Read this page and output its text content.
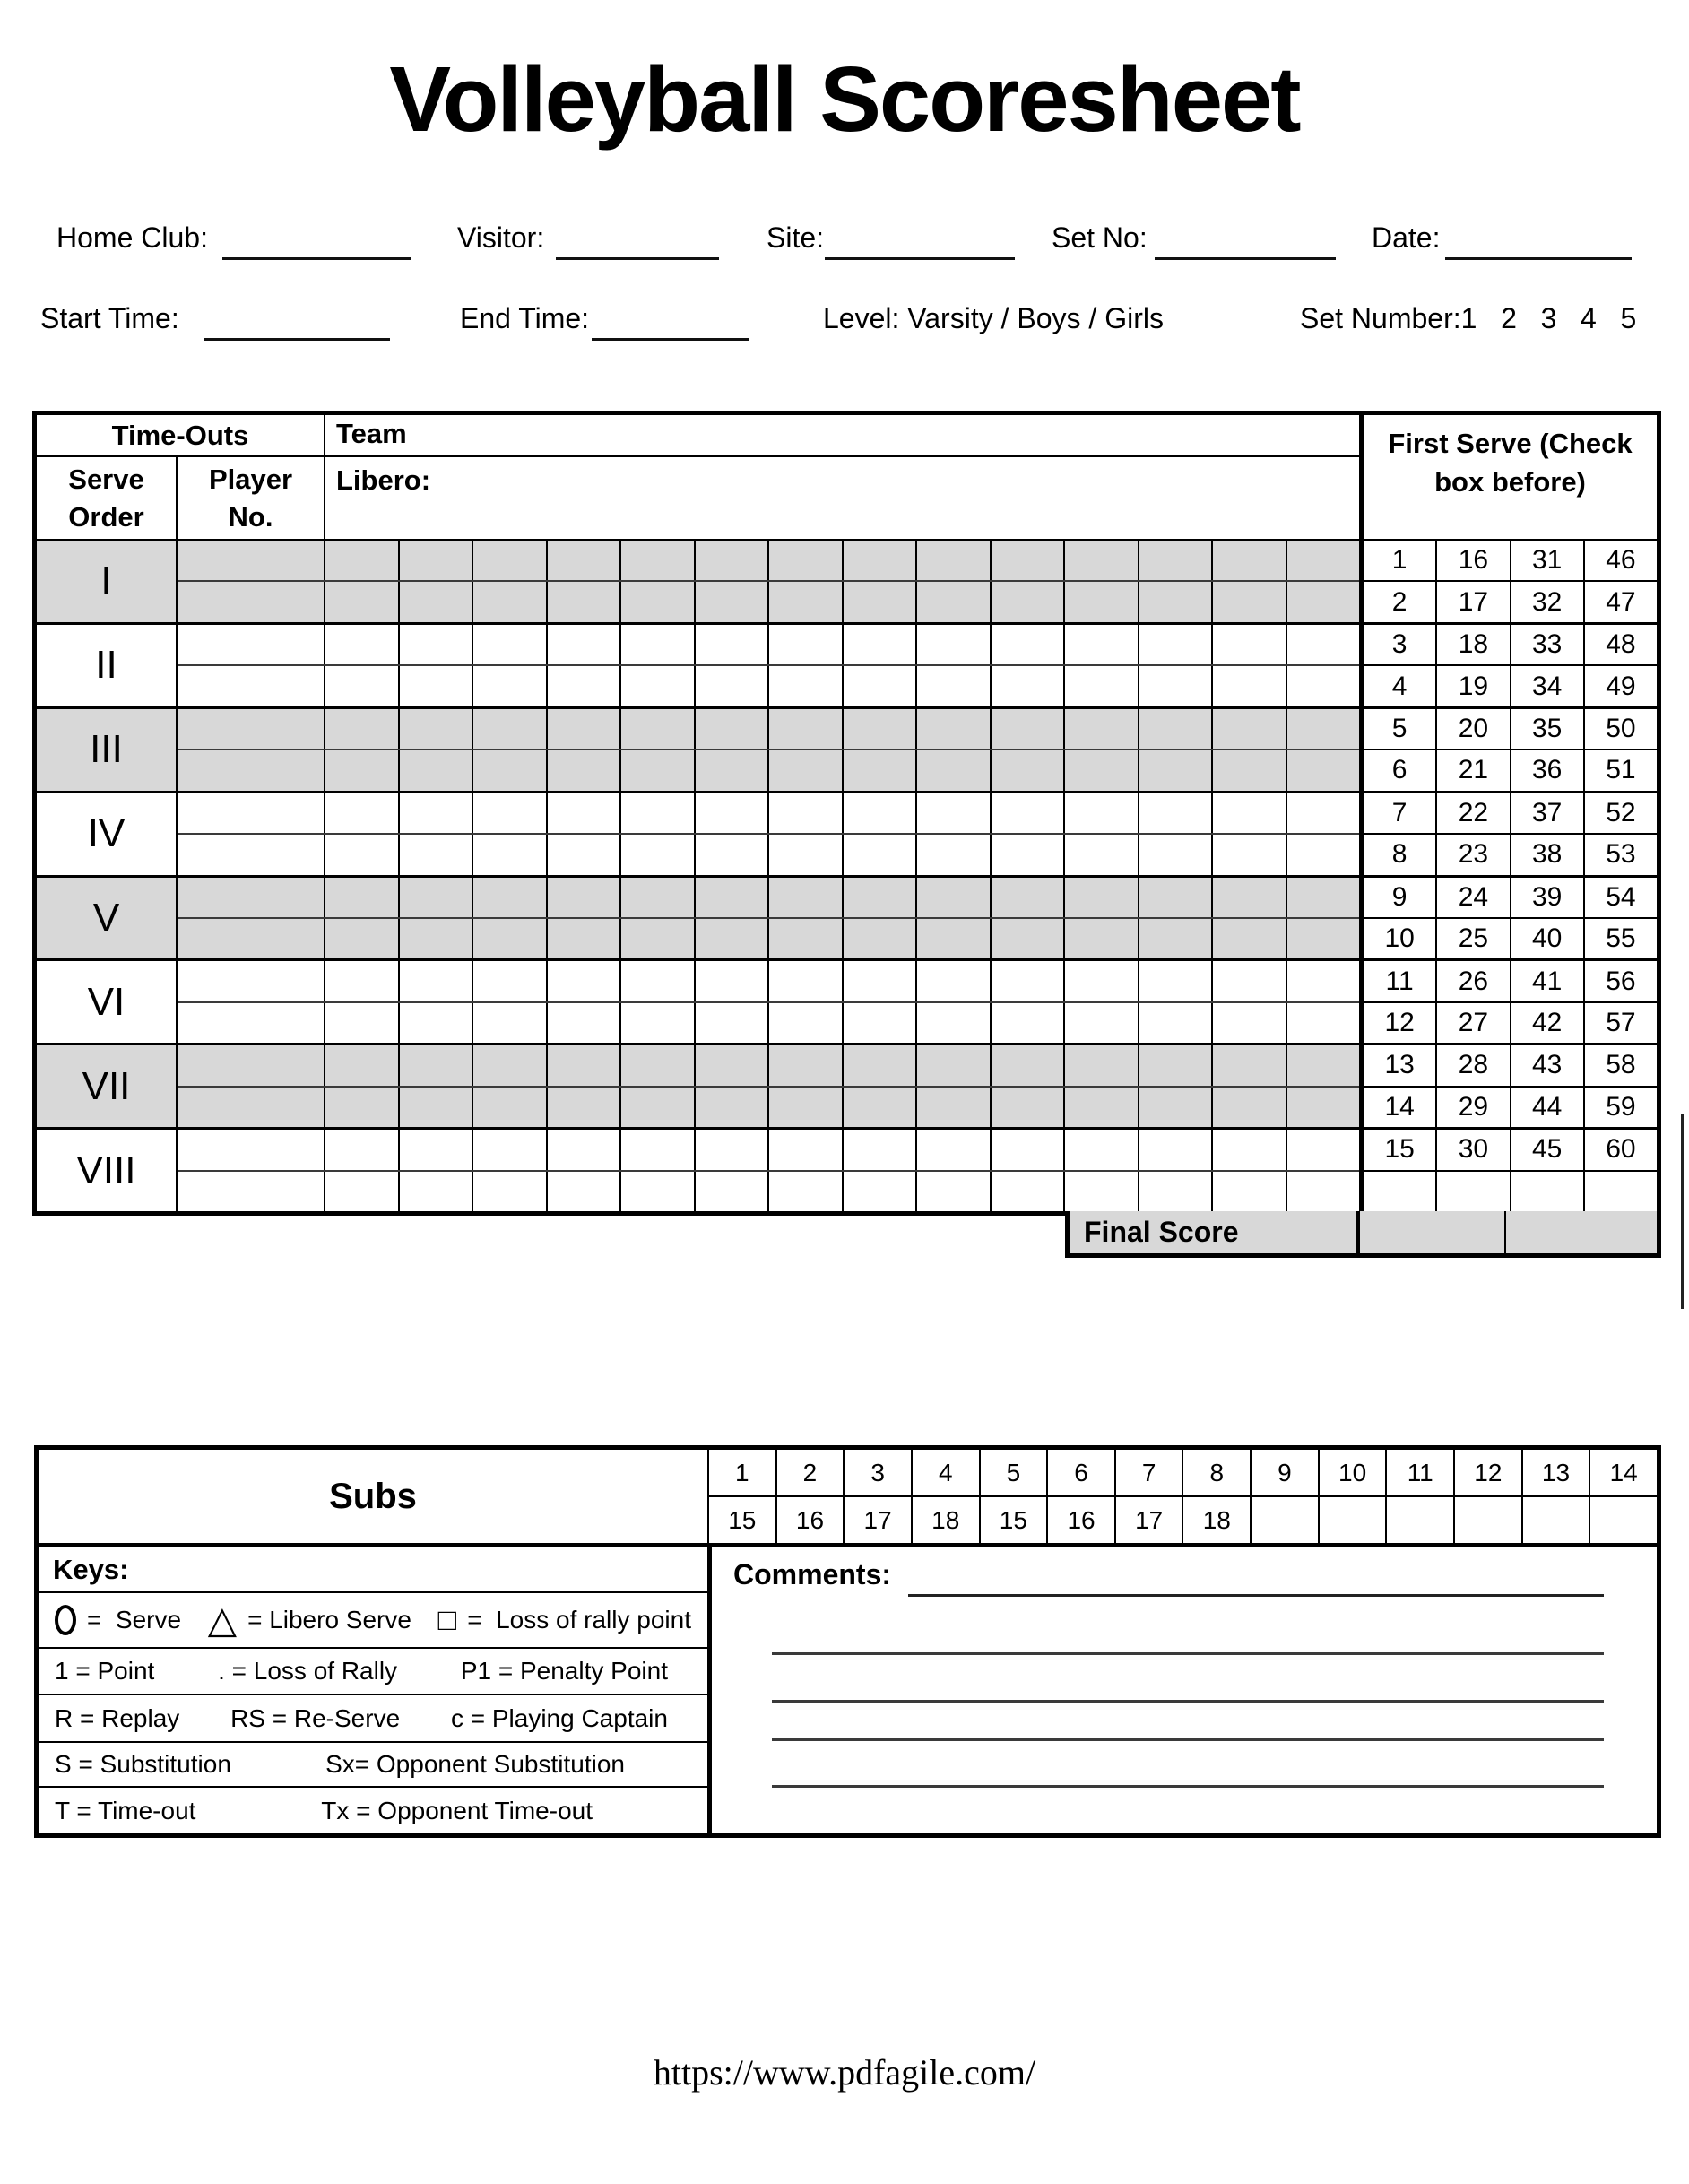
Volleyball Scoresheet
Home Club:	Visitor:	Site:	Set No:	Date:
Start Time:	End Time:	Level: Varsity / Boys / Girls	Set Number:1   2   3   4   5
Time-Outs	Team
Serve
Order
Player
No.
Libero:
I
II
III
IV
V
VI
VII
VIII
First Serve (Check box before)
1	16	31	46
2	17	32	47
3	18	33	48
4	19	34	49
5	20	35	50
6	21	36	51
7	22	37	52
8	23	38	53
9	24	39	54
10	25	40	55
11	26	41	56
12	27	42	57
13	28	43	58
14	29	44	59
15	30	45	60
Final Score
Subs
1	2	3	4	5	6	7	8	9	10	11	12	13	14
15	16	17	18	15	16	17	18
Keys:
=  Serve △ = Libero Serve □ =  Loss of rally point
1 = Point	. = Loss of Rally	P1 = Penalty Point
R = Replay RS = Re-Serve c = Playing Captain
S = Substitution	Sx= Opponent Substitution
T = Time-out	Tx = Opponent Time-out
Comments:
https://www.pdfagile.com/
